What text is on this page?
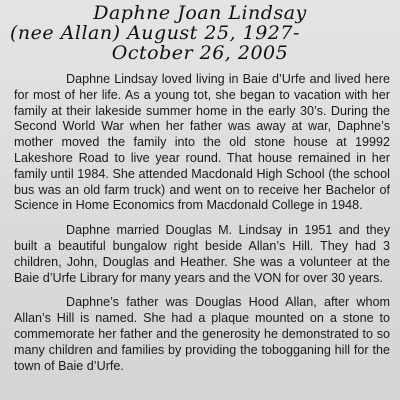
Daphne Joan Lindsay
(nee Allan) August 25, 1927-
October 26, 2005

Daphne Lindsay loved living in Baie d’Urfe and lived here for most of her life. As a young tot, she began to vacation with her family at their lakeside summer home in the early 30’s. During the Second World War when her father was away at war, Daphne’s mother moved the family into the old stone house at 19992 Lakeshore Road to live year round. That house remained in her family until 1984. She attended Macdonald High School (the school bus was an old farm truck) and went on to receive her Bachelor of Science in Home Economics from Macdonald College in 1948.

Daphne married Douglas M. Lindsay in 1951 and they built a beautiful bungalow right beside Allan’s Hill. They had 3 children, John, Douglas and Heather. She was a volunteer at the Baie d’Urfe Library for many years and the VON for over 30 years.

Daphne’s father was Douglas Hood Allan, after whom Allan’s Hill is named. She had a plaque mounted on a stone to commemorate her father and the generosity he demonstrated to so many children and families by providing the tobogganing hill for the town of Baie d’Urfe.
